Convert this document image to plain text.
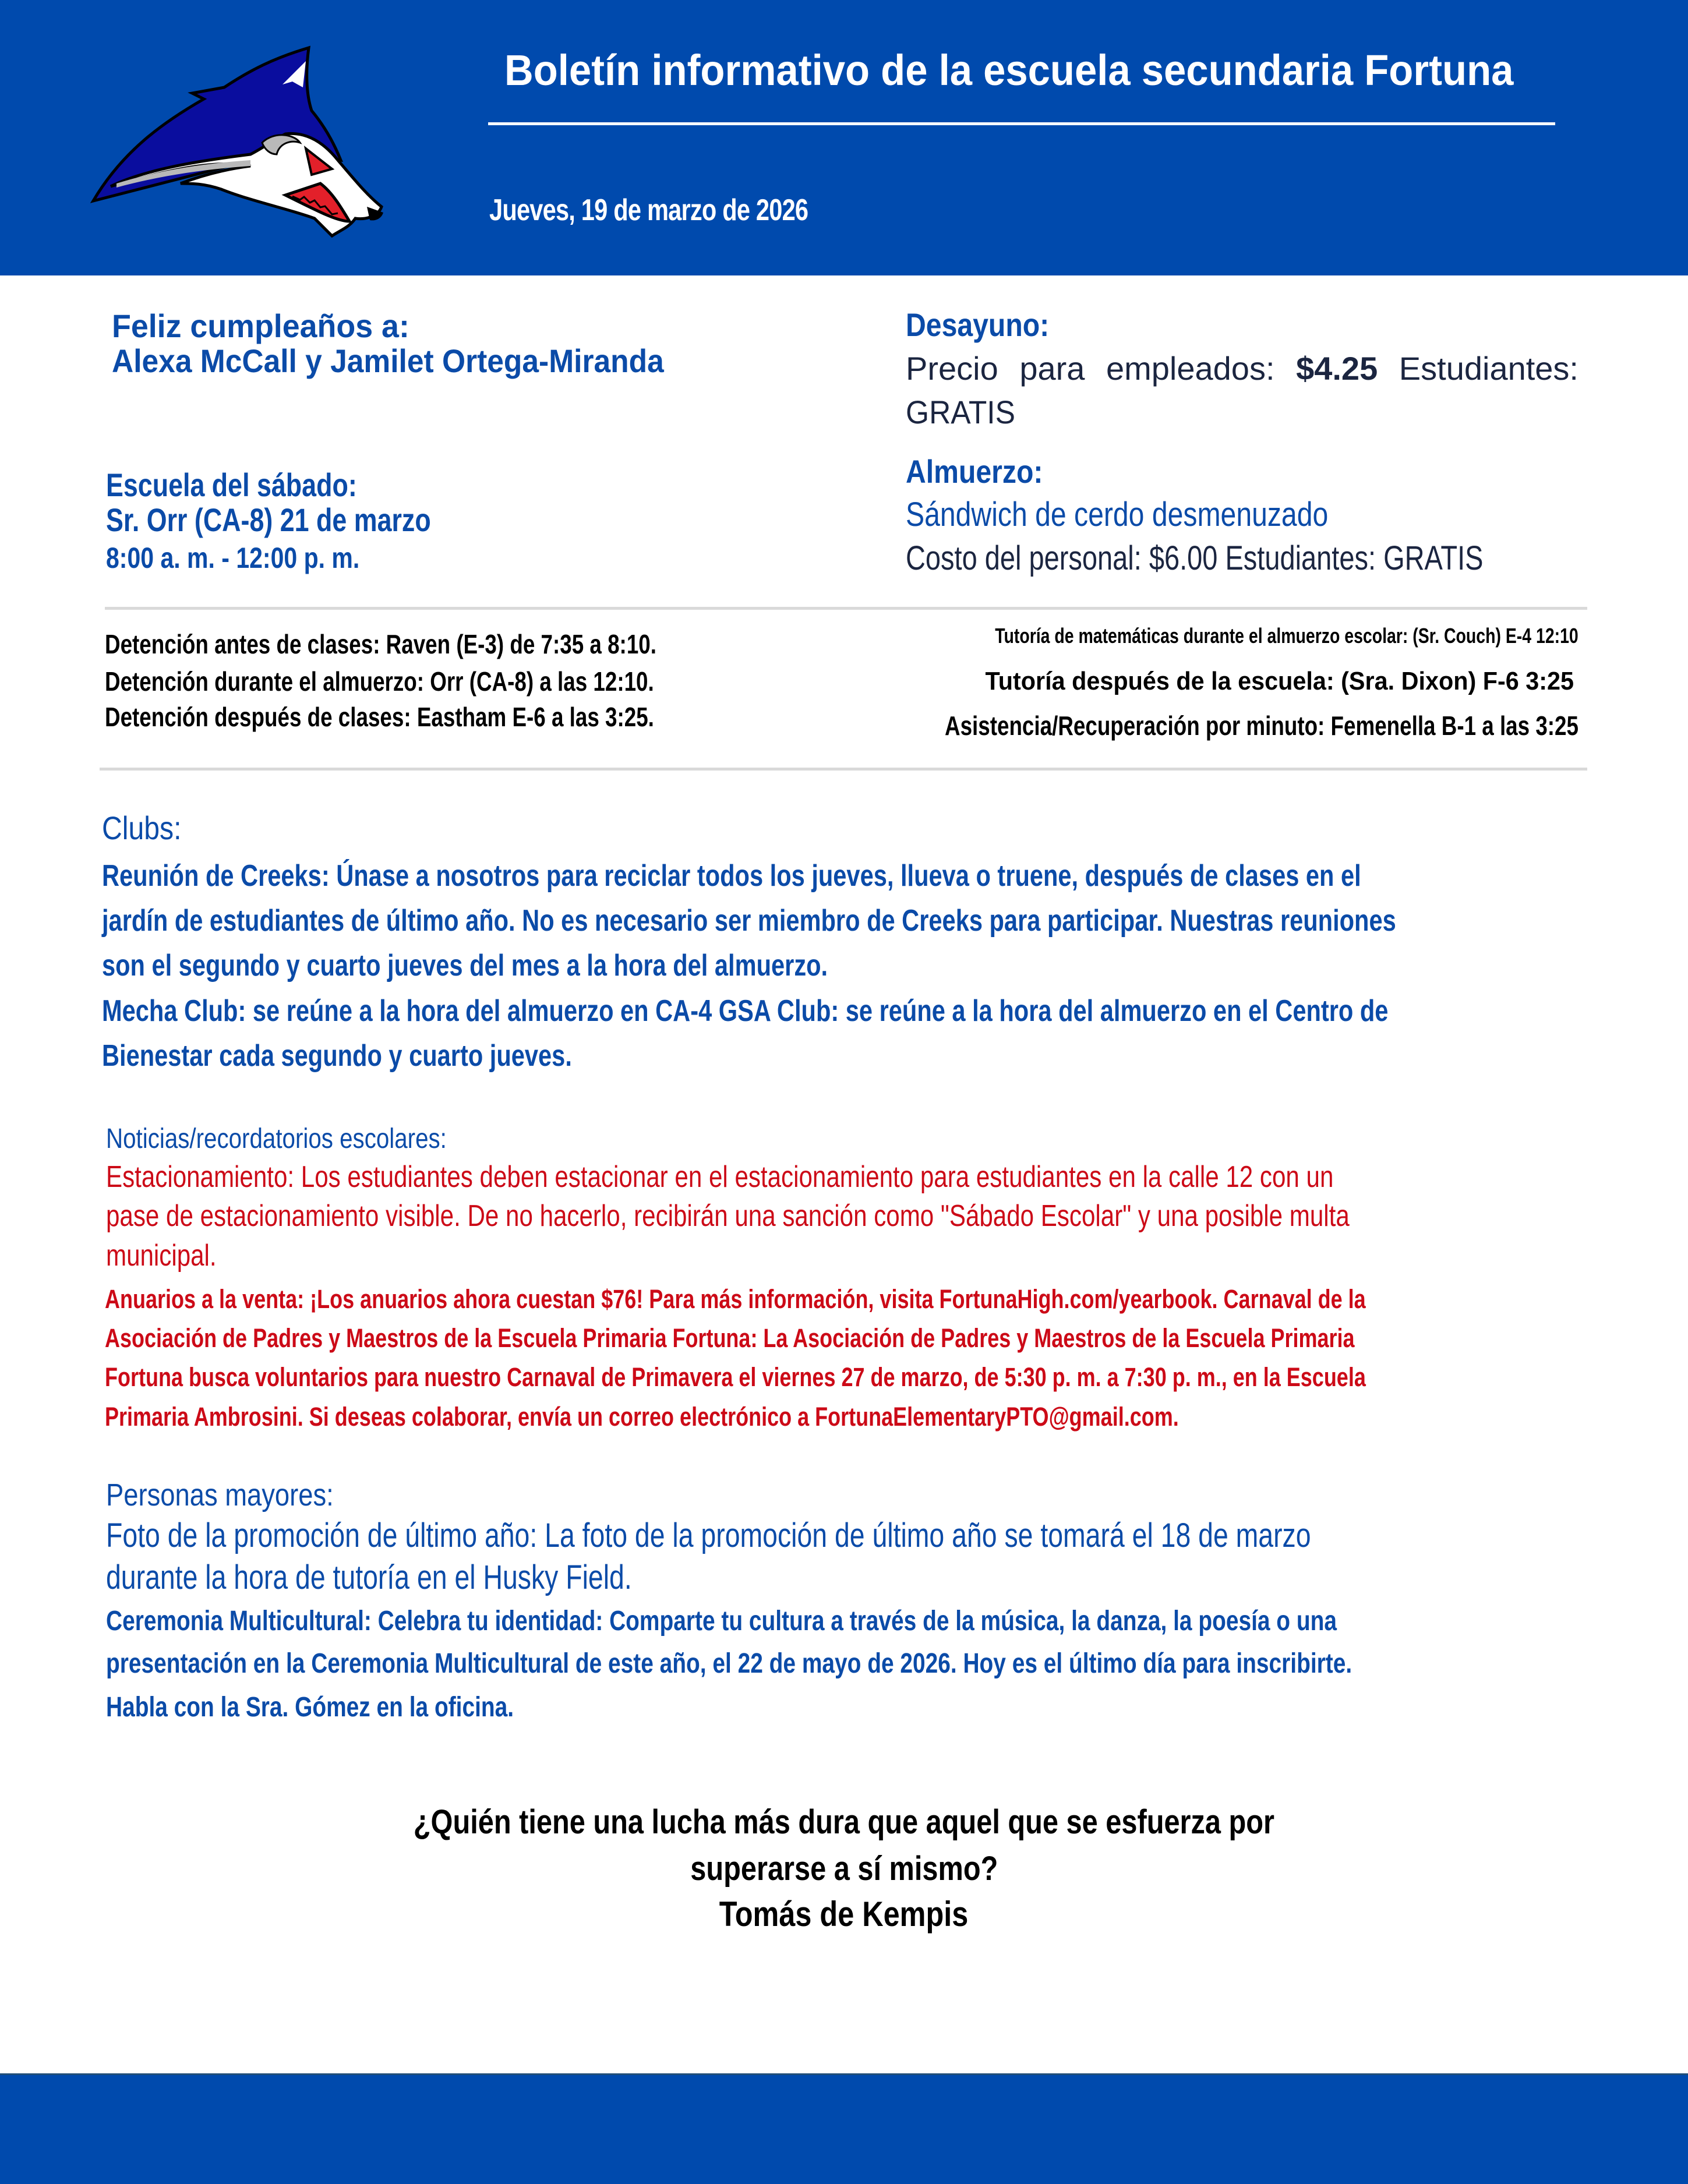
Boletín informativo de la escuela secundaria Fortuna
Jueves, 19 de marzo de 2026
Feliz cumpleaños a:
Alexa McCall y Jamilet Ortega-Miranda
Escuela del sábado:
Sr. Orr (CA-8) 21 de marzo
8:00 a. m. - 12:00 p. m.
Desayuno:
Precio para empleados: $4.25 Estudiantes:
GRATIS
Almuerzo:
Sándwich de cerdo desmenuzado
Costo del personal: $6.00 Estudiantes: GRATIS
Detención antes de clases: Raven (E-3) de 7:35 a 8:10.
Detención durante el almuerzo: Orr (CA-8) a las 12:10.
Detención después de clases: Eastham E-6 a las 3:25.
Tutoría de matemáticas durante el almuerzo escolar: (Sr. Couch) E-4 12:10
Tutoría después de la escuela: (Sra. Dixon) F-6 3:25
Asistencia/Recuperación por minuto: Femenella B-1 a las 3:25
Clubs:
Reunión de Creeks: Únase a nosotros para reciclar todos los jueves, llueva o truene, después de clases en el
jardín de estudiantes de último año. No es necesario ser miembro de Creeks para participar. Nuestras reuniones
son el segundo y cuarto jueves del mes a la hora del almuerzo.
Mecha Club: se reúne a la hora del almuerzo en CA-4 GSA Club: se reúne a la hora del almuerzo en el Centro de
Bienestar cada segundo y cuarto jueves.
Noticias/recordatorios escolares:
Estacionamiento: Los estudiantes deben estacionar en el estacionamiento para estudiantes en la calle 12 con un
pase de estacionamiento visible. De no hacerlo, recibirán una sanción como "Sábado Escolar" y una posible multa
municipal.
Anuarios a la venta: ¡Los anuarios ahora cuestan $76! Para más información, visita FortunaHigh.com/yearbook. Carnaval de la
Asociación de Padres y Maestros de la Escuela Primaria Fortuna: La Asociación de Padres y Maestros de la Escuela Primaria
Fortuna busca voluntarios para nuestro Carnaval de Primavera el viernes 27 de marzo, de 5:30 p. m. a 7:30 p. m., en la Escuela
Primaria Ambrosini. Si deseas colaborar, envía un correo electrónico a FortunaElementaryPTO@gmail.com.
Personas mayores:
Foto de la promoción de último año: La foto de la promoción de último año se tomará el 18 de marzo
durante la hora de tutoría en el Husky Field.
Ceremonia Multicultural: Celebra tu identidad: Comparte tu cultura a través de la música, la danza, la poesía o una
presentación en la Ceremonia Multicultural de este año, el 22 de mayo de 2026. Hoy es el último día para inscribirte.
Habla con la Sra. Gómez en la oficina.
¿Quién tiene una lucha más dura que aquel que se esfuerza por
superarse a sí mismo?
Tomás de Kempis
